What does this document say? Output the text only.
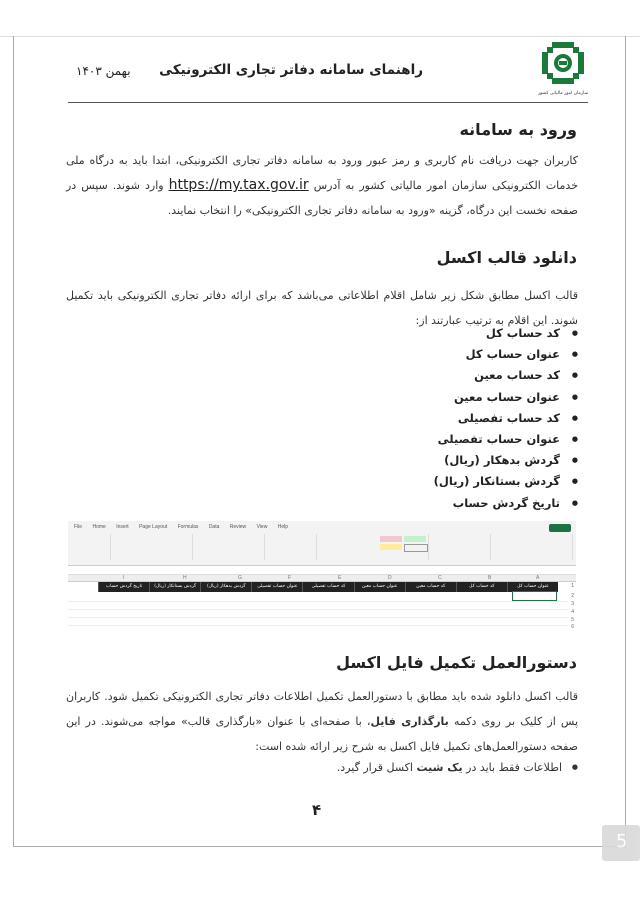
سازمان امور مالیاتی کشور
راهنمای سامانه دفاتر تجاری الکترونیکی
بهمن ۱۴۰۳
ورود به سامانه

کاربران جهت دریافت نام کاربری و رمز عبور ورود به سامانه دفاتر تجاری الکترونیکی، ابتدا باید به درگاه ملی خدمات الکترونیکی سازمان امور مالیاتی کشور به آدرس https://my.tax.gov.ir وارد شوند. سپس در صفحه نخست این درگاه، گزینه «ورود به سامانه دفاتر تجاری الکترونیکی» را انتخاب نمایند.

دانلود قالب اکسل

قالب اکسل مطابق شکل زیر شامل اقلام اطلاعاتی می‌باشد که برای ارائه دفاتر تجاری الکترونیکی باید تکمیل شوند. این اقلام به ترتیب عبارتند از:

● کد حساب کل
● عنوان حساب کل
● کد حساب معین
● عنوان حساب معین
● کد حساب تفصیلی
● عنوان حساب تفصیلی
● گردش بدهکار (ریال)
● گردش بستانکار (ریال)
● تاریخ گردش حساب
File Home Insert Page Layout Formulas Data Review View Help
A
B
C
D
E
F
G
H
I
عنوان حساب کل
کد حساب کل
کد حساب معین
عنوان حساب معین
کد حساب تفصیلی
عنوان حساب تفصیلی
گردش بدهکار (ریال)
گردش بستانکار (ریال)
تاریخ گردش حساب	1
2
3
4
5
6
دستورالعمل تکمیل فایل اکسل

قالب اکسل دانلود شده باید مطابق با دستورالعمل تکمیل اطلاعات دفاتر تجاری الکترونیکی تکمیل شود. کاربران پس از کلیک بر روی دکمه بارگذاری فایل، با صفحه‌ای با عنوان «بارگذاری قالب» مواجه می‌شوند. در این صفحه دستورالعمل‌های تکمیل فایل اکسل به شرح زیر ارائه شده است:

●
اطلاعات فقط باید در یک شیت اکسل قرار گیرد.
۴
5
